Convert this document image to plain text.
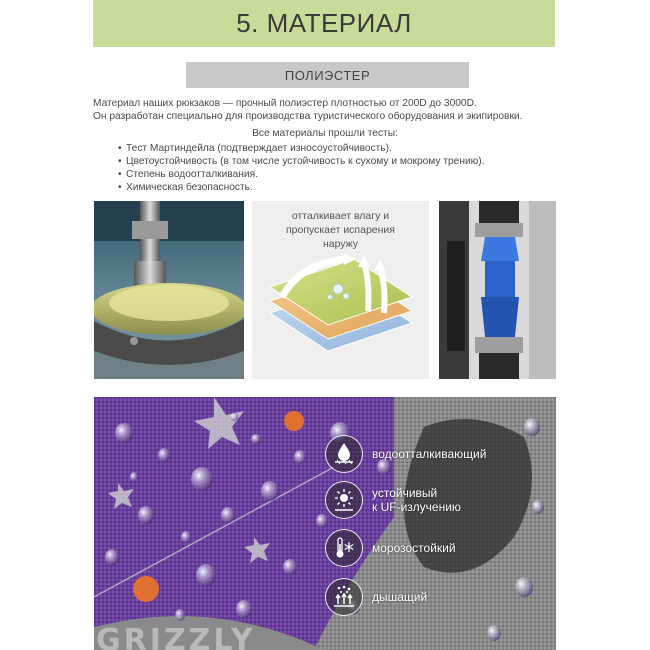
5. МАТЕРИАЛ
ПОЛИЭСТЕР

Материал наших рюкзаков — прочный полиэстер плотностью от 200D до 3000D.

Он разработан специально для производства туристического оборудования и экипировки.

Все материалы прошли тесты:
• Тест Мартиндейла (подтверждает износоустойчивость).
• Цветоустойчивость (в том числе устойчивость к сухому и мокрому трению).
• Степень водоотталкивания.
• Химическая безопасность.
отталкивает влагу и
пропускает испарения
наружу
водоотталкивающий
устойчивый
к UF-излучению
морозостойкий
дышащий
GRIZZLY
